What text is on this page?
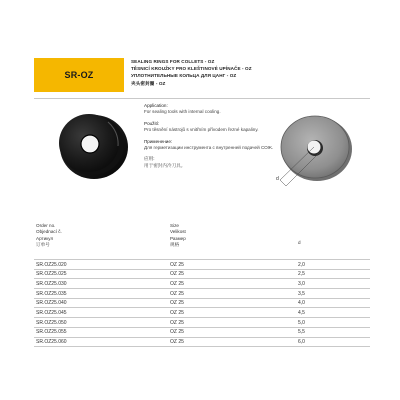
SR-OZ
SEALING RINGS FOR COLLETS - OZ
TĚSNICÍ KROUŽKY PRO KLEŠTINOVÉ UPÍNAČE - OZ
УПЛОТНИТЕЛЬНЫЕ КОЛЬЦА ДЛЯ ЦАНГ - OZ
夹头密封圈 - OZ
Application:
For sealing tools with internal cooling.
Použití:
Pro těsnění nástrojů s vnitřním přívodem řezné kapaliny.
Применение:
Для герметизации инструмента с внутренней подачей СОЖ.
应用:
用于密封内冷刀具。
d
Order no.
Objednací č.
Артикул
订单号
Size
Velikost
Размер
规格	d
SR.OZ25.020	OZ 25	2,0
SR.OZ25.025	OZ 25	2,5
SR.OZ25.030	OZ 25	3,0
SR.OZ25.035	OZ 25	3,5
SR.OZ25.040	OZ 25	4,0
SR.OZ25.045	OZ 25	4,5
SR.OZ25.050	OZ 25	5,0
SR.OZ25.055	OZ 25	5,5
SR.OZ25.060	OZ 25	6,0
